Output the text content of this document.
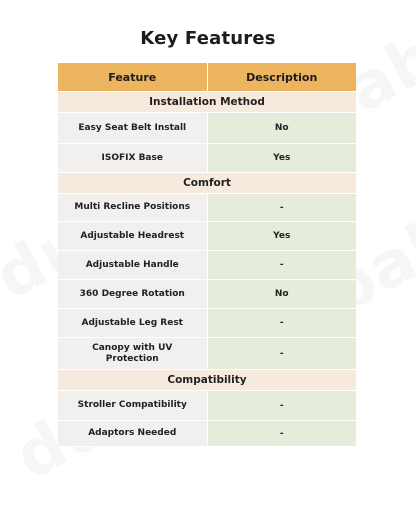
Key Features
Feature	Description
Installation Method	
Easy Seat Belt Install	No
ISOFIX Base	Yes
Comfort	
Multi Recline Positions	-
Adjustable Headrest	Yes
Adjustable Handle	-
360 Degree Rotation	No
Adjustable Leg Rest	-
Canopy with UV Protection	-
Compatibility	
Stroller Compatibility	-
Adaptors Needed	-
